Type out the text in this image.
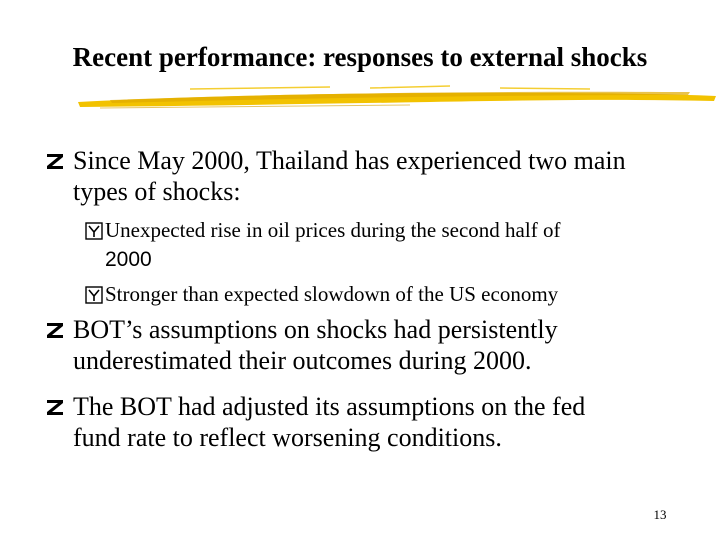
Recent performance: responses to external shocks
Since May 2000, Thailand has experienced two main
types of shocks:
Unexpected rise in oil prices during the second half of
2000
Stronger than expected slowdown of the US economy
BOT’s assumptions on shocks had persistently
underestimated their outcomes during 2000.
The BOT had adjusted its assumptions on the fed
fund rate to reflect worsening conditions.
13
